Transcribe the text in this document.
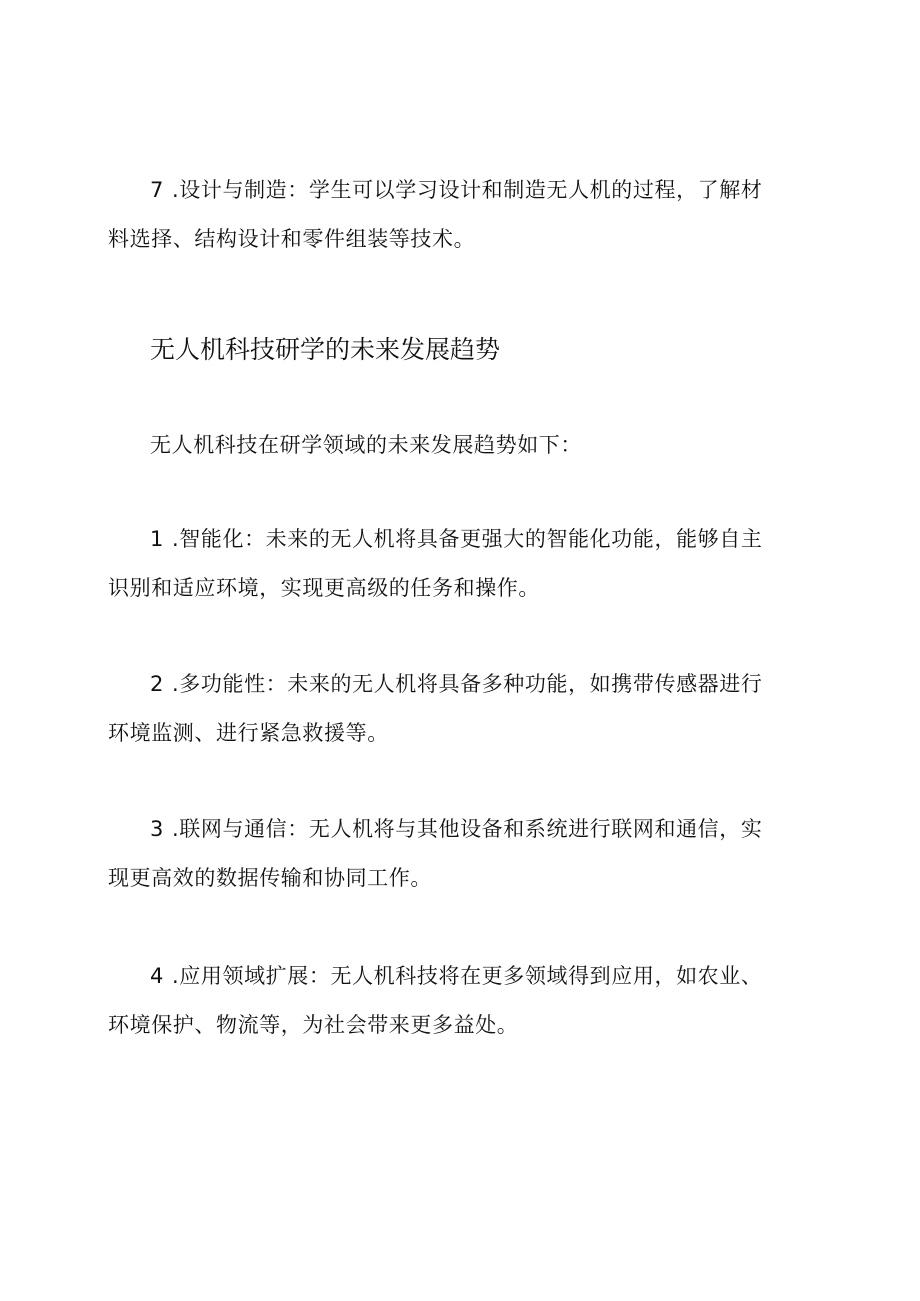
7 .设计与制造：学生可以学习设计和制造无人机的过程，了解材
料选择、结构设计和零件组装等技术。

无人机科技研学的未来发展趋势

无人机科技在研学领域的未来发展趋势如下：

1 .智能化：未来的无人机将具备更强大的智能化功能，能够自主
识别和适应环境，实现更高级的任务和操作。

2 .多功能性：未来的无人机将具备多种功能，如携带传感器进行
环境监测、进行紧急救援等。

3 .联网与通信：无人机将与其他设备和系统进行联网和通信，实
现更高效的数据传输和协同工作。

4 .应用领域扩展：无人机科技将在更多领域得到应用，如农业、
环境保护、物流等，为社会带来更多益处。
